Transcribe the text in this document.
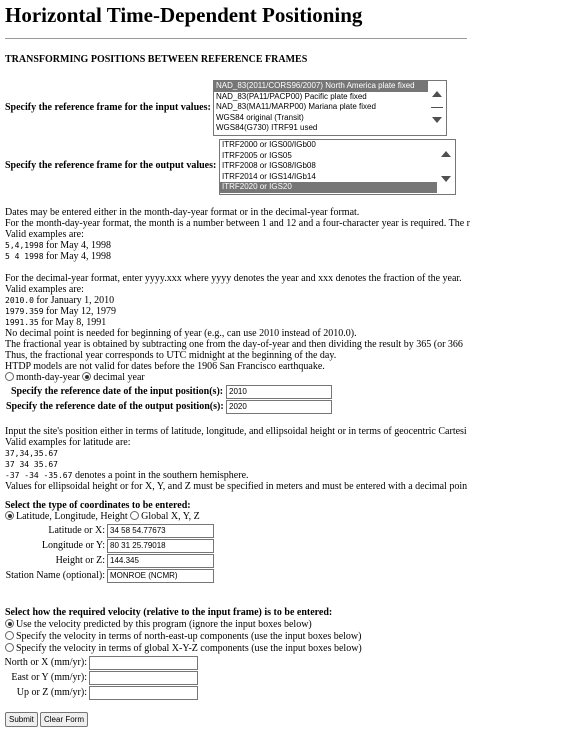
Horizontal Time-Dependent Positioning
TRANSFORMING POSITIONS BETWEEN REFERENCE FRAMES
Specify the reference frame for the input values:
NAD_83(2011/CORS96/2007) North America plate fixed
NAD_83(PA11/PACP00) Pacific plate fixed
NAD_83(MA11/MARP00) Mariana plate fixed
WGS84 original (Transit)
WGS84(G730) ITRF91 used
Specify the reference frame for the output values:
ITRF2000 or IGS00/IGb00
ITRF2005 or IGS05
ITRF2008 or IGS08/IGb08
ITRF2014 or IGS14/IGb14
ITRF2020 or IGS20
Dates may be entered either in the month-day-year format or in the decimal-year format.
For the month-day-year format, the month is a number between 1 and 12 and a four-character year is required. The r
Valid examples are:
5,4,1998 for May 4, 1998
5 4 1998 for May 4, 1998
For the decimal-year format, enter yyyy.xxx where yyyy denotes the year and xxx denotes the fraction of the year.
Valid examples are:
2010.0 for January 1, 2010
1979.359 for May 12, 1979
1991.35 for May 8, 1991
No decimal point is needed for beginning of year (e.g., can use 2010 instead of 2010.0).
The fractional year is obtained by subtracting one from the day-of-year and then dividing the result by 365 (or 366
Thus, the fractional year corresponds to UTC midnight at the beginning of the day.
HTDP models are not valid for dates before the 1906 San Francisco earthquake.
month-day-year decimal year
Specify the reference date of the input position(s): 2010
Specify the reference date of the output position(s): 2020
Input the site's position either in terms of latitude, longitude, and ellipsoidal height or in terms of geocentric Cartesi
Valid examples for latitude are:
37,34,35.67
37 34 35.67
-37 -34 -35.67 denotes a point in the southern hemisphere.
Values for ellipsoidal height or for X, Y, and Z must be specified in meters and must be entered with a decimal poin
Select the type of coordinates to be entered:
Latitude, Longitude, Height Global X, Y, Z
Latitude or X: 34 58 54.77673
Longitude or Y: 80 31 25.79018
Height or Z: 144.345
Station Name (optional): MONROE (NCMR)
Select how the required velocity (relative to the input frame) is to be entered:
Use the velocity predicted by this program (ignore the input boxes below)
Specify the velocity in terms of north-east-up components (use the input boxes below)
Specify the velocity in terms of global X-Y-Z components (use the input boxes below)
North or X (mm/yr):
East or Y (mm/yr):
Up or Z (mm/yr):
Submit	Clear Form
